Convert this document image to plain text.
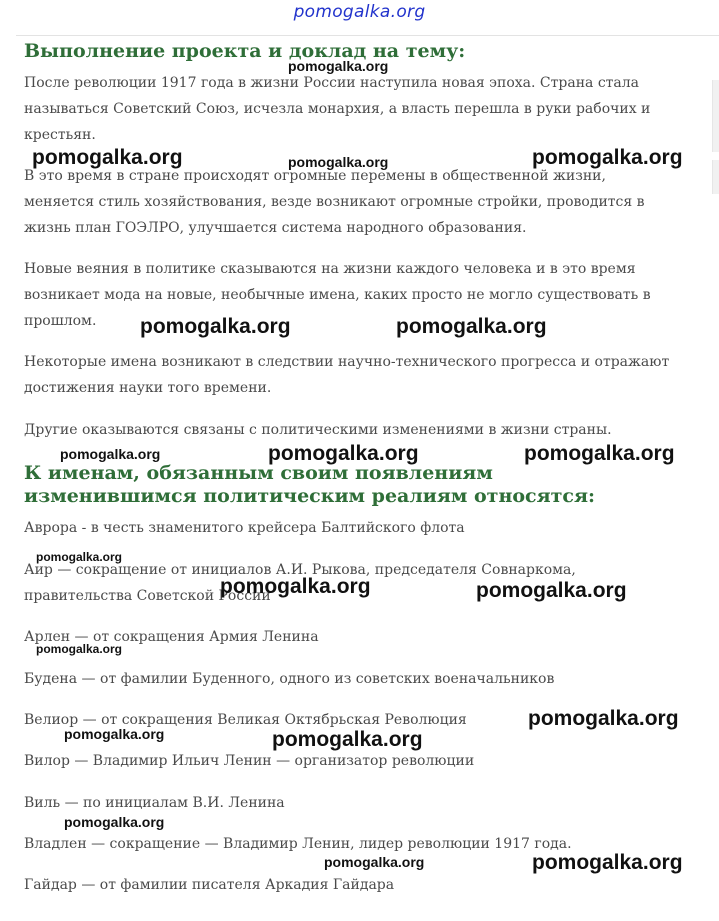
pomogalka.org
Выполнение проекта и доклад на тему:

После революции 1917 года в жизни России наступила новая эпоха. Страна стала называться Советский Союз, исчезла монархия, а власть перешла в руки рабочих и крестьян.

В это время в стране происходят огромные перемены в общественной жизни, меняется стиль хозяйствования, везде возникают огромные стройки, проводится в жизнь план ГОЭЛРО, улучшается система народного образования.

Новые веяния в политике сказываются на жизни каждого человека и в это время возникает мода на новые, необычные имена, каких просто не могло существовать в прошлом.

Некоторые имена возникают в следствии научно-технического прогресса и отражают достижения науки того времени.

Другие оказываются связаны с политическими изменениями в жизни страны.

К именам, обязанным своим появлениям изменившимся политическим реалиям относятся:

Аврора - в честь знаменитого крейсера Балтийского флота

Аир — сокращение от инициалов А.И. Рыкова, председателя Совнаркома, правительства Советской России

Арлен — от сокращения Армия Ленина

Будена — от фамилии Буденного, одного из советских военачальников

Велиор — от сокращения Великая Октябрьская Революция

Вилор — Владимир Ильич Ленин — организатор революции

Виль — по инициалам В.И. Ленина

Владлен — сокращение — Владимир Ленин, лидер революции 1917 года.

Гайдар — от фамилии писателя Аркадия Гайдара

pomogalka.org
pomogalka.org	pomogalka.org	pomogalka.org
pomogalka.org	pomogalka.org
pomogalka.org	pomogalka.org	pomogalka.org
pomogalka.org
pomogalka.org	pomogalka.org
pomogalka.org
pomogalka.org
pomogalka.org	pomogalka.org
pomogalka.org
pomogalka.org	pomogalka.org
